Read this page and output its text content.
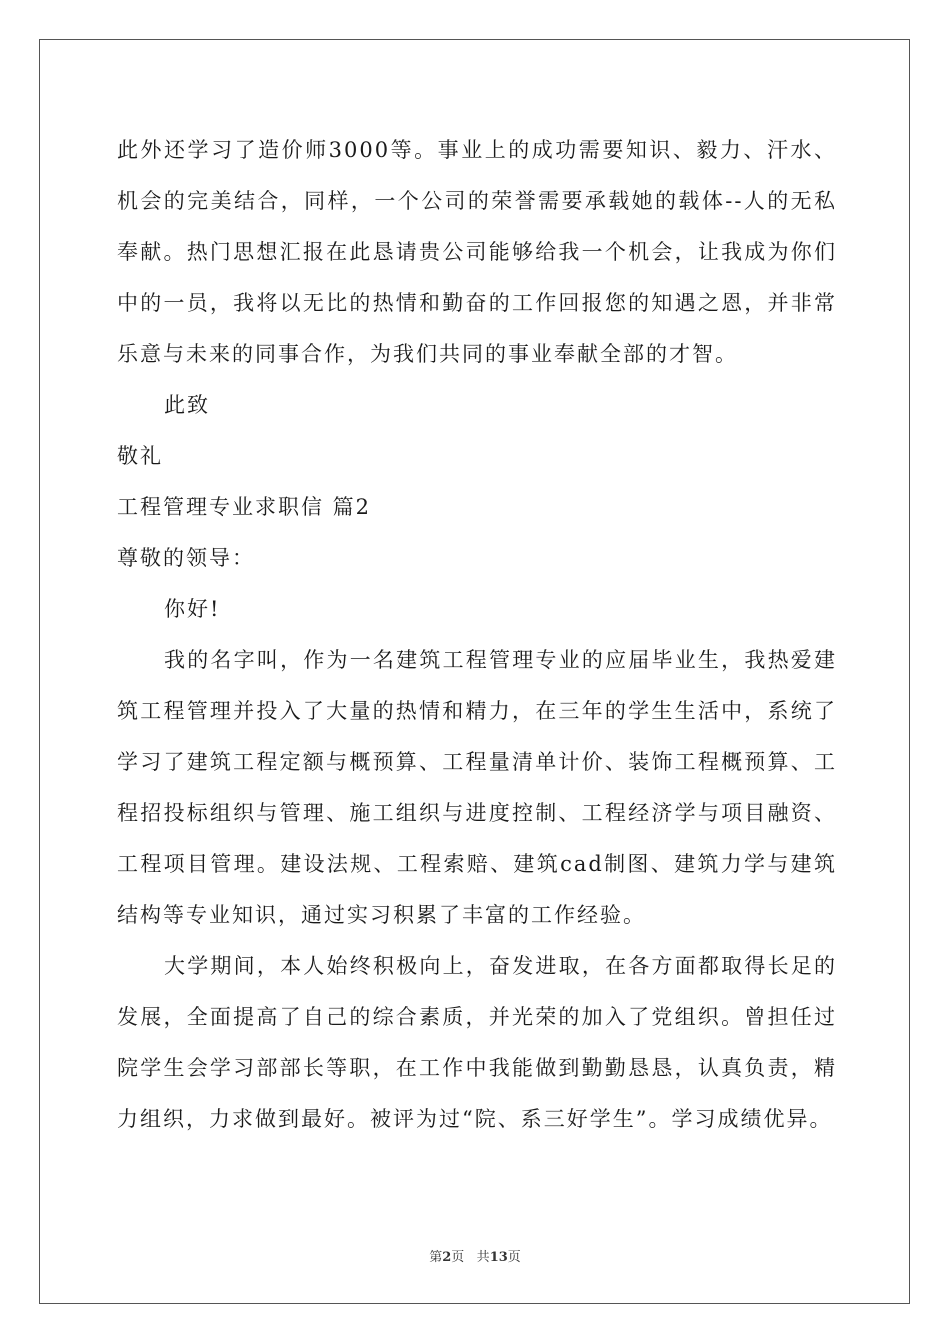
此外还学习了造价师3000等。事业上的成功需要知识、毅力、汗水、机会的完美结合，同样，一个公司的荣誉需要承载她的载体--人的无私奉献。热门思想汇报在此恳请贵公司能够给我一个机会，让我成为你们中的一员，我将以无比的热情和勤奋的工作回报您的知遇之恩，并非常乐意与未来的同事合作，为我们共同的事业奉献全部的才智。

此致

敬礼

工程管理专业求职信 篇2

尊敬的领导：

你好!

我的名字叫，作为一名建筑工程管理专业的应届毕业生，我热爱建筑工程管理并投入了大量的热情和精力，在三年的学生生活中，系统了学习了建筑工程定额与概预算、工程量清单计价、装饰工程概预算、工程招投标组织与管理、施工组织与进度控制、工程经济学与项目融资、工程项目管理。建设法规、工程索赔、建筑cad制图、建筑力学与建筑结构等专业知识，通过实习积累了丰富的工作经验。

大学期间，本人始终积极向上，奋发进取，在各方面都取得长足的发展，全面提高了自己的综合素质，并光荣的加入了党组织。曾担任过院学生会学习部部长等职，在工作中我能做到勤勤恳恳，认真负责，精力组织，力求做到最好。被评为过“院、系三好学生”。学习成绩优异。

第2页 共13页
